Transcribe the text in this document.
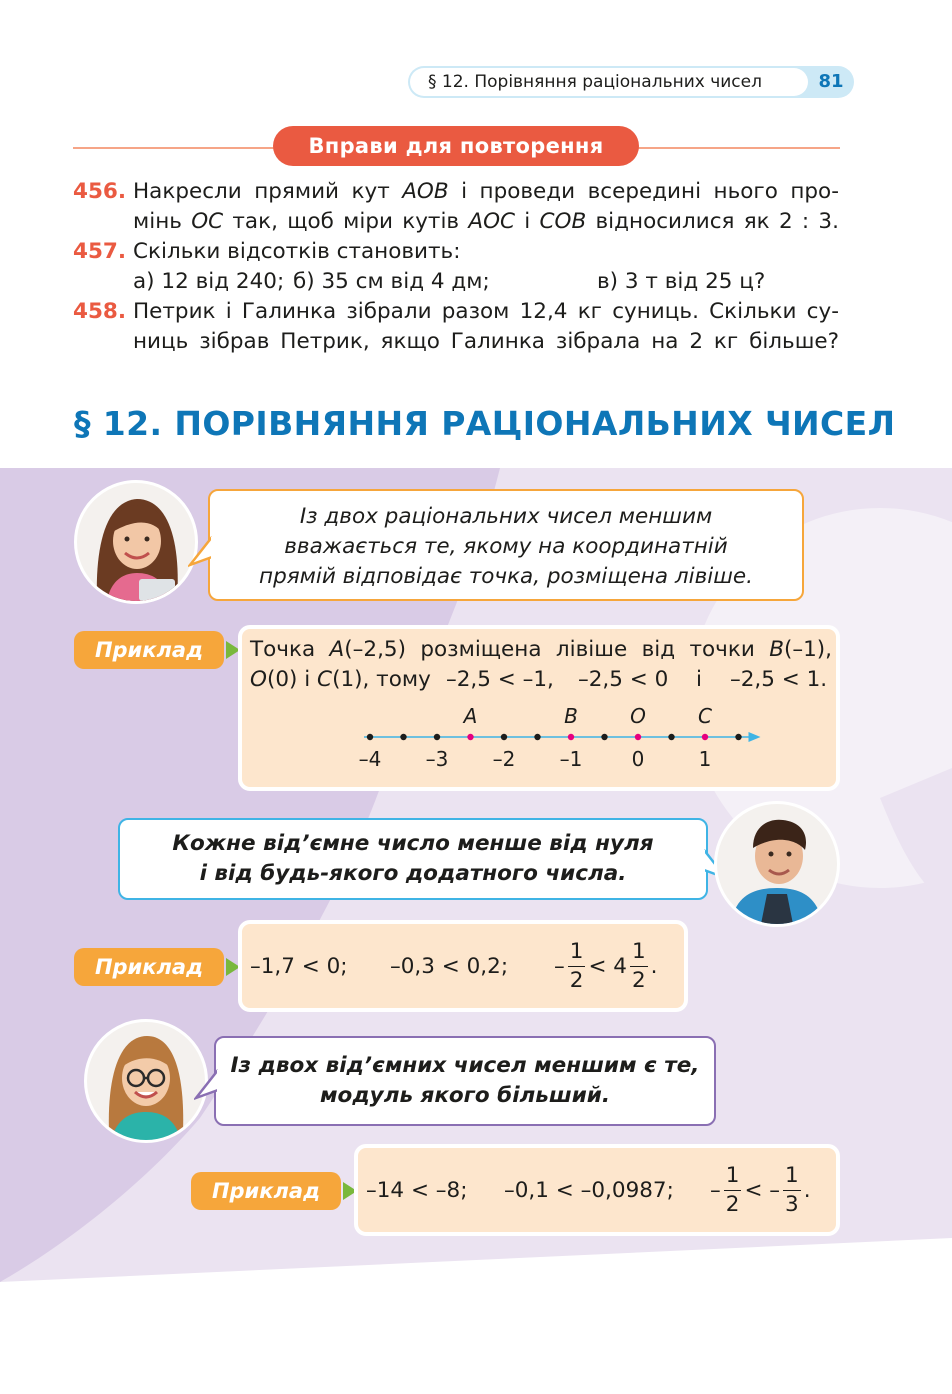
§ 12. Порівняння раціональних чисел	81
Вправи для повторення
456. Накресли прямий кут AOB і проведи всередині нього про-
мінь OC так, щоб міри кутів AOC і COB відносилися як 2 : 3.
457. Скільки відсотків становить:
а) 12 від 240; б) 35 см від 4 дм;	в) 3 т від 25 ц?
458. Петрик і Галинка зібрали разом 12,4 кг суниць. Скільки су-
ниць зібрав Петрик, якщо Галинка зібрала на 2 кг більше?
§ 12. ПОРІВНЯННЯ РАЦІОНАЛЬНИХ ЧИСЕЛ
Із двох раціональних чисел меншим
вважається те, якому на координатній
прямій відповідає точка, розміщена лівіше.
Приклад	Точка A(–2,5) розміщена лівіше від точки B(–1),
O(0) і C(1), тому –2,5 < –1, –2,5 < 0 і –2,5 < 1.
A	B	O	C
–4 –3 –2 –1 0	1
Кожне від’ємне число менше від нуля
і від будь-якого додатного числа.
Приклад	–1,7 < 0;	–0,3 < 0,2;	– $\frac{1}{2} < 4 \frac{1}{2}$ .
Із двох від’ємних чисел меншим є те,
модуль якого більший.
Приклад	–14 < –8;	–0,1 < –0,0987;	– $\frac{1}{2}$ < – $\frac{1}{3}$ .
